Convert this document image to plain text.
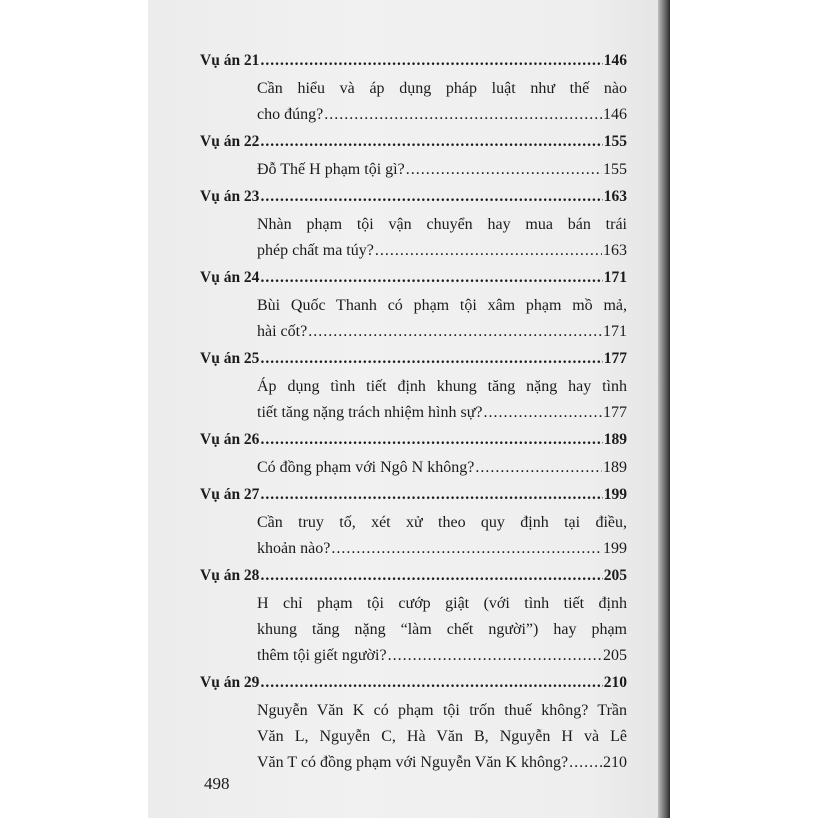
Vụ án 21 .....	146
Cần hiểu và áp dụng pháp luật như thế nào
cho đúng? .....	146
Vụ án 22 .....	155
Đỗ Thế H phạm tội gì? .....	155
Vụ án 23 .....	163
Nhàn phạm tội vận chuyển hay mua bán trái
phép chất ma túy? .....	163
Vụ án 24 .....	171
Bùi Quốc Thanh có phạm tội xâm phạm mồ mả,
hài cốt? .....	171
Vụ án 25 .....	177
Áp dụng tình tiết định khung tăng nặng hay tình
tiết tăng nặng trách nhiệm hình sự? .....	177
Vụ án 26 .....	189
Có đồng phạm với Ngô N không? .....	189
Vụ án 27 .....	199
Cần truy tố, xét xử theo quy định tại điều,
khoản nào? .....	199
Vụ án 28 .....	205
H chỉ phạm tội cướp giật (với tình tiết định
khung tăng nặng “làm chết người”) hay phạm
thêm tội giết người? .....	205
Vụ án 29 .....	210
Nguyễn Văn K có phạm tội trốn thuế không? Trần
Văn L, Nguyễn C, Hà Văn B, Nguyễn H và Lê
Văn T có đồng phạm với Nguyễn Văn K không? ..... 210
498
